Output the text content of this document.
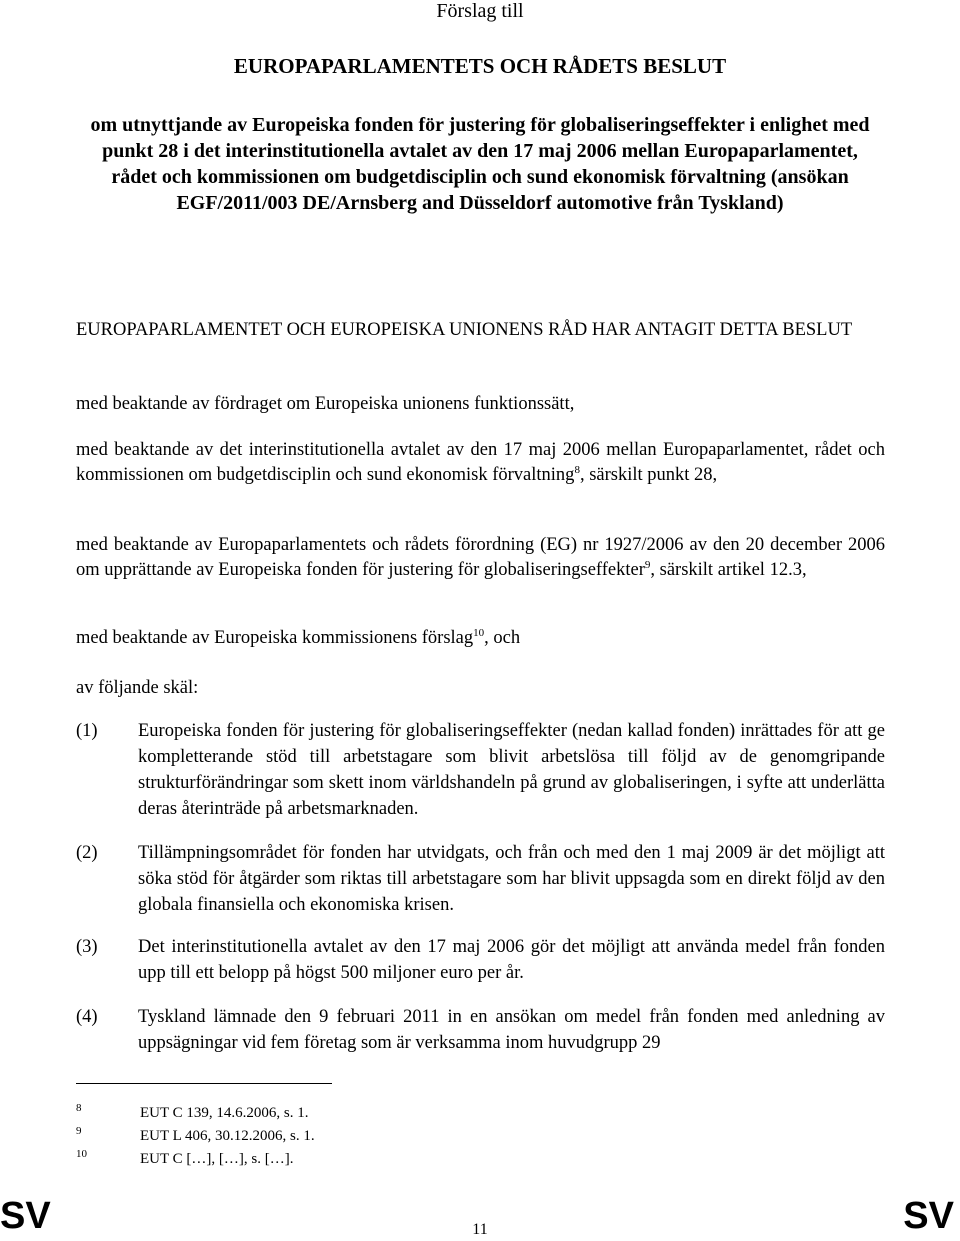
Förslag till
EUROPAPARLAMENTETS OCH RÅDETS BESLUT
om utnyttjande av Europeiska fonden för justering för globaliseringseffekter i enlighet med punkt 28 i det interinstitutionella avtalet av den 17 maj 2006 mellan Europaparlamentet, rådet och kommissionen om budgetdisciplin och sund ekonomisk förvaltning (ansökan EGF/2011/003 DE/Arnsberg and Düsseldorf automotive från Tyskland)
EUROPAPARLAMENTET OCH EUROPEISKA UNIONENS RÅD HAR ANTAGIT DETTA BESLUT
med beaktande av fördraget om Europeiska unionens funktionssätt,
med beaktande av det interinstitutionella avtalet av den 17 maj 2006 mellan Europaparlamentet, rådet och kommissionen om budgetdisciplin och sund ekonomisk förvaltning$^8$, särskilt punkt 28,
med beaktande av Europaparlamentets och rådets förordning (EG) nr 1927/2006 av den 20 december 2006 om upprättande av Europeiska fonden för justering för globaliseringseffekter$^9$, särskilt artikel 12.3,
med beaktande av Europeiska kommissionens förslag$^{10}$, och
av följande skäl:
(1) Europeiska fonden för justering för globaliseringseffekter (nedan kallad fonden) inrättades för att ge kompletterande stöd till arbetstagare som blivit arbetslösa till följd av de genomgripande strukturförändringar som skett inom världshandeln på grund av globaliseringen, i syfte att underlätta deras återinträde på arbetsmarknaden.
(2) Tillämpningsområdet för fonden har utvidgats, och från och med den 1 maj 2009 är det möjligt att söka stöd för åtgärder som riktas till arbetstagare som har blivit uppsagda som en direkt följd av den globala finansiella och ekonomiska krisen.
(3) Det interinstitutionella avtalet av den 17 maj 2006 gör det möjligt att använda medel från fonden upp till ett belopp på högst 500 miljoner euro per år.
(4) Tyskland lämnade den 9 februari 2011 in en ansökan om medel från fonden med anledning av uppsägningar vid fem företag som är verksamma inom huvudgrupp 29
8	EUT C 139, 14.6.2006, s. 1.
9	EUT L 406, 30.12.2006, s. 1.
10	EUT C […], […], s. […].
SV	11	SV
